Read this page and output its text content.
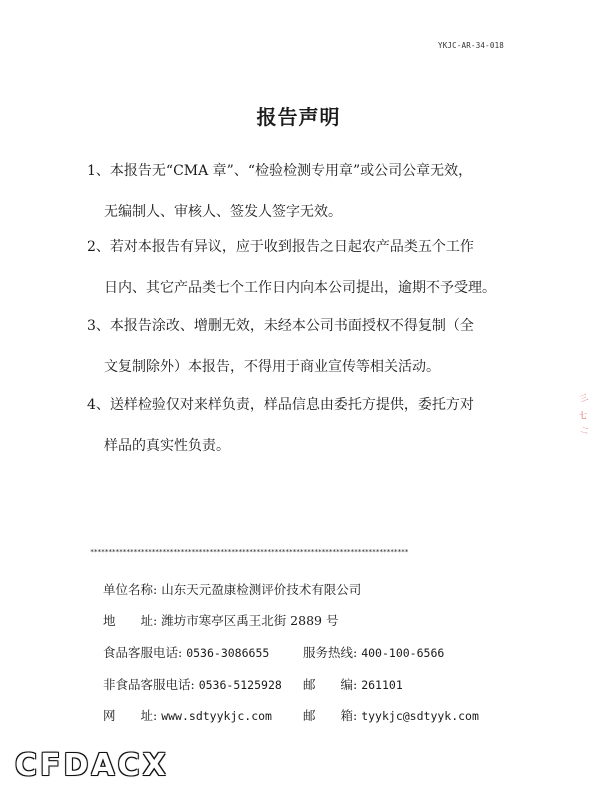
YKJC-AR-34-018
报告声明
1、本报告无“CMA 章”、“检验检测专用章”或公司公章无效，
无编制人、审核人、签发人签字无效。
2、若对本报告有异议，应于收到报告之日起农产品类五个工作
日内、其它产品类七个工作日内向本公司提出，逾期不予受理。
3、本报告涂改、增删无效，未经本公司书面授权不得复制（全
文复制除外）本报告，不得用于商业宣传等相关活动。
4、送样检验仅对来样负责，样品信息由委托方提供，委托方对
样品的真实性负责。
****************************************************************************************
单位名称: 山东天元盈康检测评价技术有限公司
地　　址: 潍坊市寒亭区禹王北街 2889 号
食品客服电话: 0536-3086655	服务热线: 400-100-6566
非食品客服电话: 0536-5125928 邮　　编: 261101
网　　址: www.sdtyykjc.com 邮　　箱: tyykjc@sdtyyk.com
三
七
二
CFDACX
